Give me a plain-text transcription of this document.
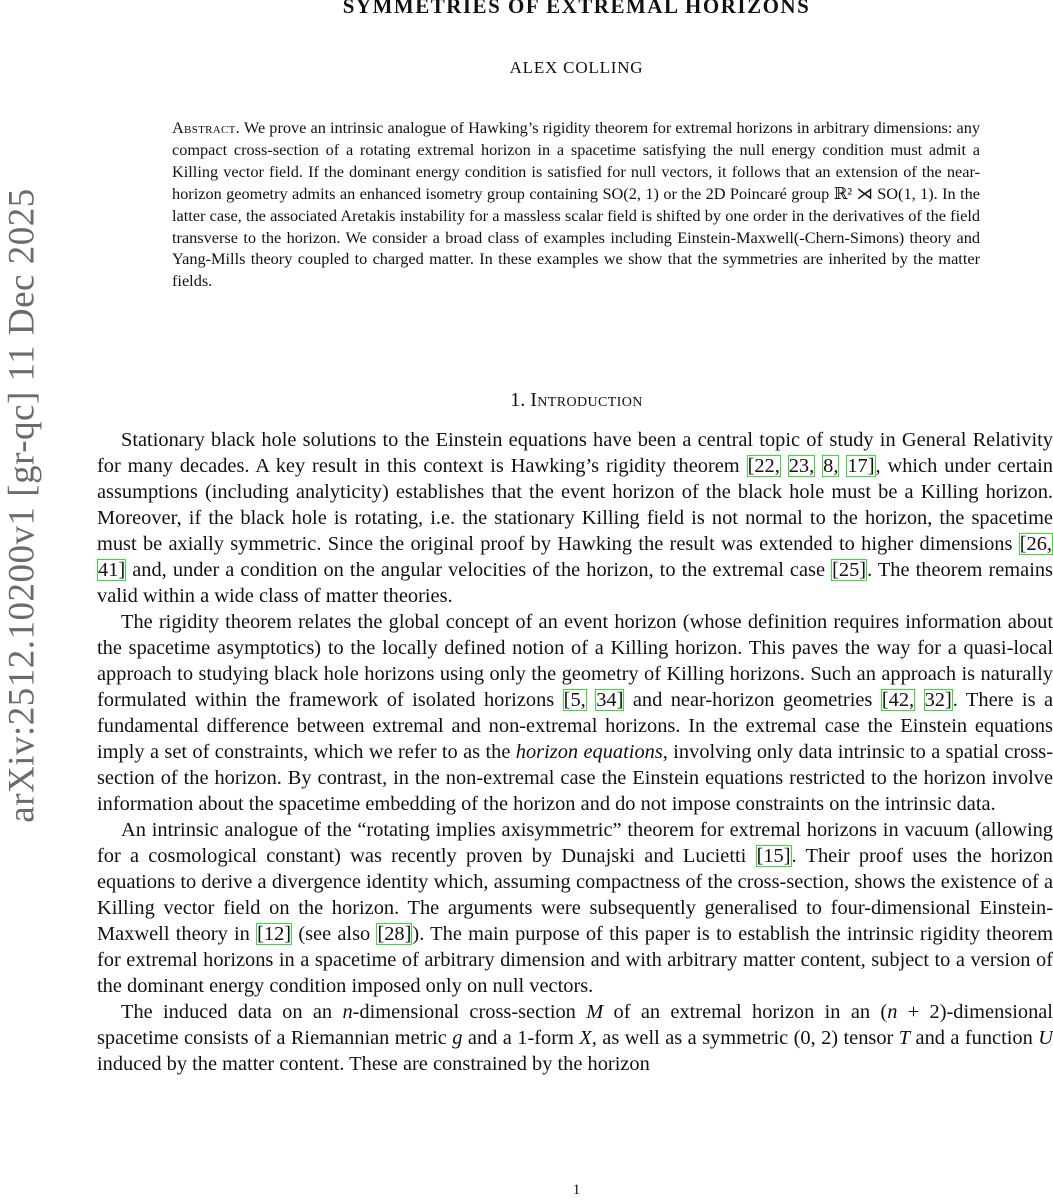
arXiv:2512.10200v1 [gr-qc] 11 Dec 2025
SYMMETRIES OF EXTREMAL HORIZONS
ALEX COLLING
Abstract. We prove an intrinsic analogue of Hawking’s rigidity theorem for extremal horizons in arbitrary dimensions: any compact cross-section of a rotating extremal horizon in a spacetime satisfying the null energy condition must admit a Killing vector field. If the dominant energy condition is satisfied for null vectors, it follows that an extension of the near-horizon geometry admits an enhanced isometry group containing SO(2, 1) or the 2D Poincaré group ℝ² ⋊ SO(1, 1). In the latter case, the associated Aretakis instability for a massless scalar field is shifted by one order in the derivatives of the field transverse to the horizon. We consider a broad class of examples including Einstein-Maxwell(-Chern-Simons) theory and Yang-Mills theory coupled to charged matter. In these examples we show that the symmetries are inherited by the matter fields.
1. Introduction

Stationary black hole solutions to the Einstein equations have been a central topic of study in General Relativity for many decades. A key result in this context is Hawking’s rigidity theorem [22, 23, 8, 17], which under certain assumptions (including analyticity) establishes that the event horizon of the black hole must be a Killing horizon. Moreover, if the black hole is rotating, i.e. the stationary Killing field is not normal to the horizon, the spacetime must be axially symmetric. Since the original proof by Hawking the result was extended to higher dimensions [26, 41] and, under a condition on the angular velocities of the horizon, to the extremal case [25]. The theorem remains valid within a wide class of matter theories.

The rigidity theorem relates the global concept of an event horizon (whose definition requires information about the spacetime asymptotics) to the locally defined notion of a Killing horizon. This paves the way for a quasi-local approach to studying black hole horizons using only the geometry of Killing horizons. Such an approach is naturally formulated within the framework of isolated horizons [5, 34] and near-horizon geometries [42, 32]. There is a fundamental difference between extremal and non-extremal horizons. In the extremal case the Einstein equations imply a set of constraints, which we refer to as the horizon equations, involving only data intrinsic to a spatial cross-section of the horizon. By contrast, in the non-extremal case the Einstein equations restricted to the horizon involve information about the spacetime embedding of the horizon and do not impose constraints on the intrinsic data.

An intrinsic analogue of the “rotating implies axisymmetric” theorem for extremal horizons in vacuum (allowing for a cosmological constant) was recently proven by Dunajski and Lucietti [15]. Their proof uses the horizon equations to derive a divergence identity which, assuming compactness of the cross-section, shows the existence of a Killing vector field on the horizon. The arguments were subsequently generalised to four-dimensional Einstein-Maxwell theory in [12] (see also [28]). The main purpose of this paper is to establish the intrinsic rigidity theorem for extremal horizons in a spacetime of arbitrary dimension and with arbitrary matter content, subject to a version of the dominant energy condition imposed only on null vectors.

The induced data on an n-dimensional cross-section M of an extremal horizon in an (n + 2)-dimensional spacetime consists of a Riemannian metric g and a 1-form X, as well as a symmetric (0, 2) tensor T and a function U induced by the matter content. These are constrained by the horizon

1
